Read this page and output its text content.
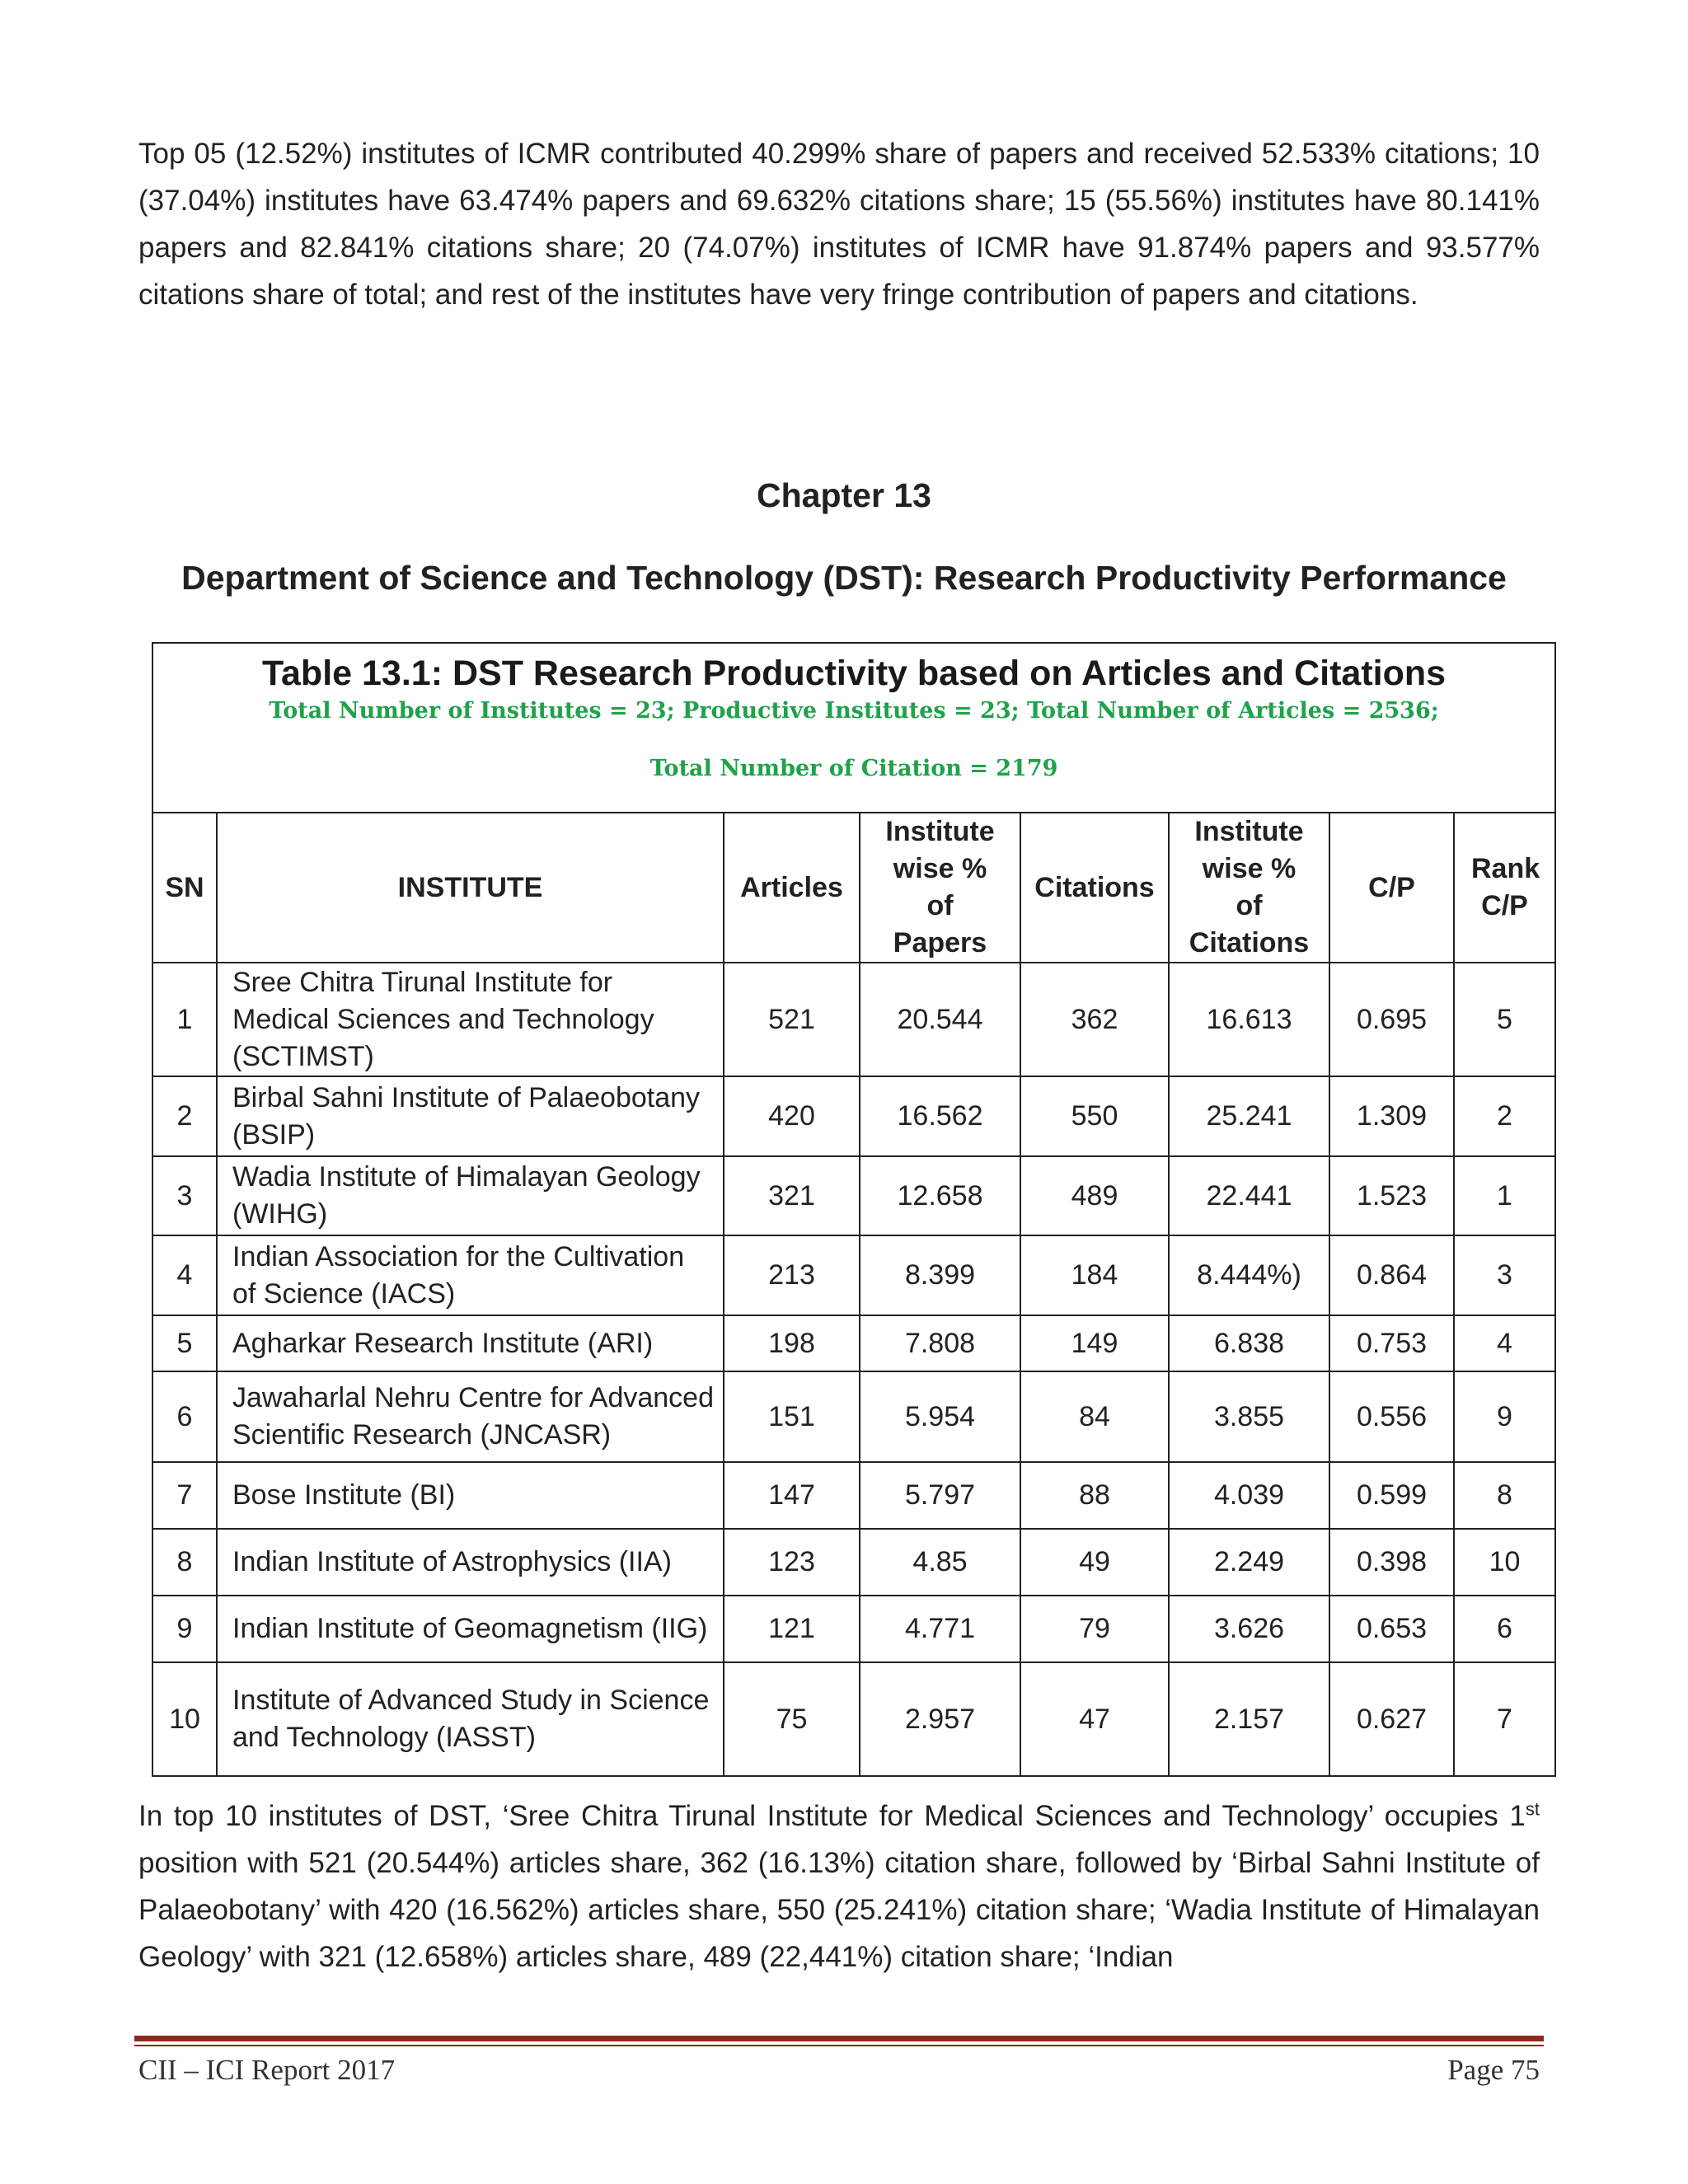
Top 05 (12.52%) institutes of ICMR contributed 40.299% share of papers and received 52.533% citations; 10 (37.04%) institutes have 63.474% papers and 69.632% citations share; 15 (55.56%) institutes have 80.141% papers and 82.841% citations share; 20 (74.07%) institutes of ICMR have 91.874% papers and 93.577% citations share of total; and rest of the institutes have very fringe contribution of papers and citations.

Chapter 13
Department of Science and Technology (DST): Research Productivity Performance
Table 13.1: DST Research Productivity based on Articles and Citations
Total Number of Institutes = 23; Productive Institutes = 23; Total Number of Articles = 2536;
Total Number of Citation = 2179							

SN	INSTITUTE	Articles	Institute wise % of Papers	Citations	Institute wise % of Citations	C/P	Rank C/P
1	Sree Chitra Tirunal Institute for Medical Sciences and Technology (SCTIMST)	521	20.544	362	16.613	0.695	5
2	Birbal Sahni Institute of Palaeobotany (BSIP)	420	16.562	550	25.241	1.309	2
3	Wadia Institute of Himalayan Geology (WIHG)	321	12.658	489	22.441	1.523	1
4	Indian Association for the Cultivation of Science (IACS)	213	8.399	184	8.444%)	0.864	3
5	Agharkar Research Institute (ARI)	198	7.808	149	6.838	0.753	4
6	Jawaharlal Nehru Centre for Advanced Scientific Research (JNCASR)	151	5.954	84	3.855	0.556	9
7	Bose Institute (BI)	147	5.797	88	4.039	0.599	8
8	Indian Institute of Astrophysics (IIA)	123	4.85	49	2.249	0.398	10
9	Indian Institute of Geomagnetism (IIG)	121	4.771	79	3.626	0.653	6
10	Institute of Advanced Study in Science and Technology (IASST)	75	2.957	47	2.157	0.627	7

In top 10 institutes of DST, ‘Sree Chitra Tirunal Institute for Medical Sciences and Technology’ occupies 1st position with 521 (20.544%) articles share, 362 (16.13%) citation share, followed by ‘Birbal Sahni Institute of Palaeobotany’ with 420 (16.562%) articles share, 550 (25.241%) citation share; ‘Wadia Institute of Himalayan Geology’ with 321 (12.658%) articles share, 489 (22,441%) citation share; ‘Indian

CII – ICI Report 2017	Page 75
